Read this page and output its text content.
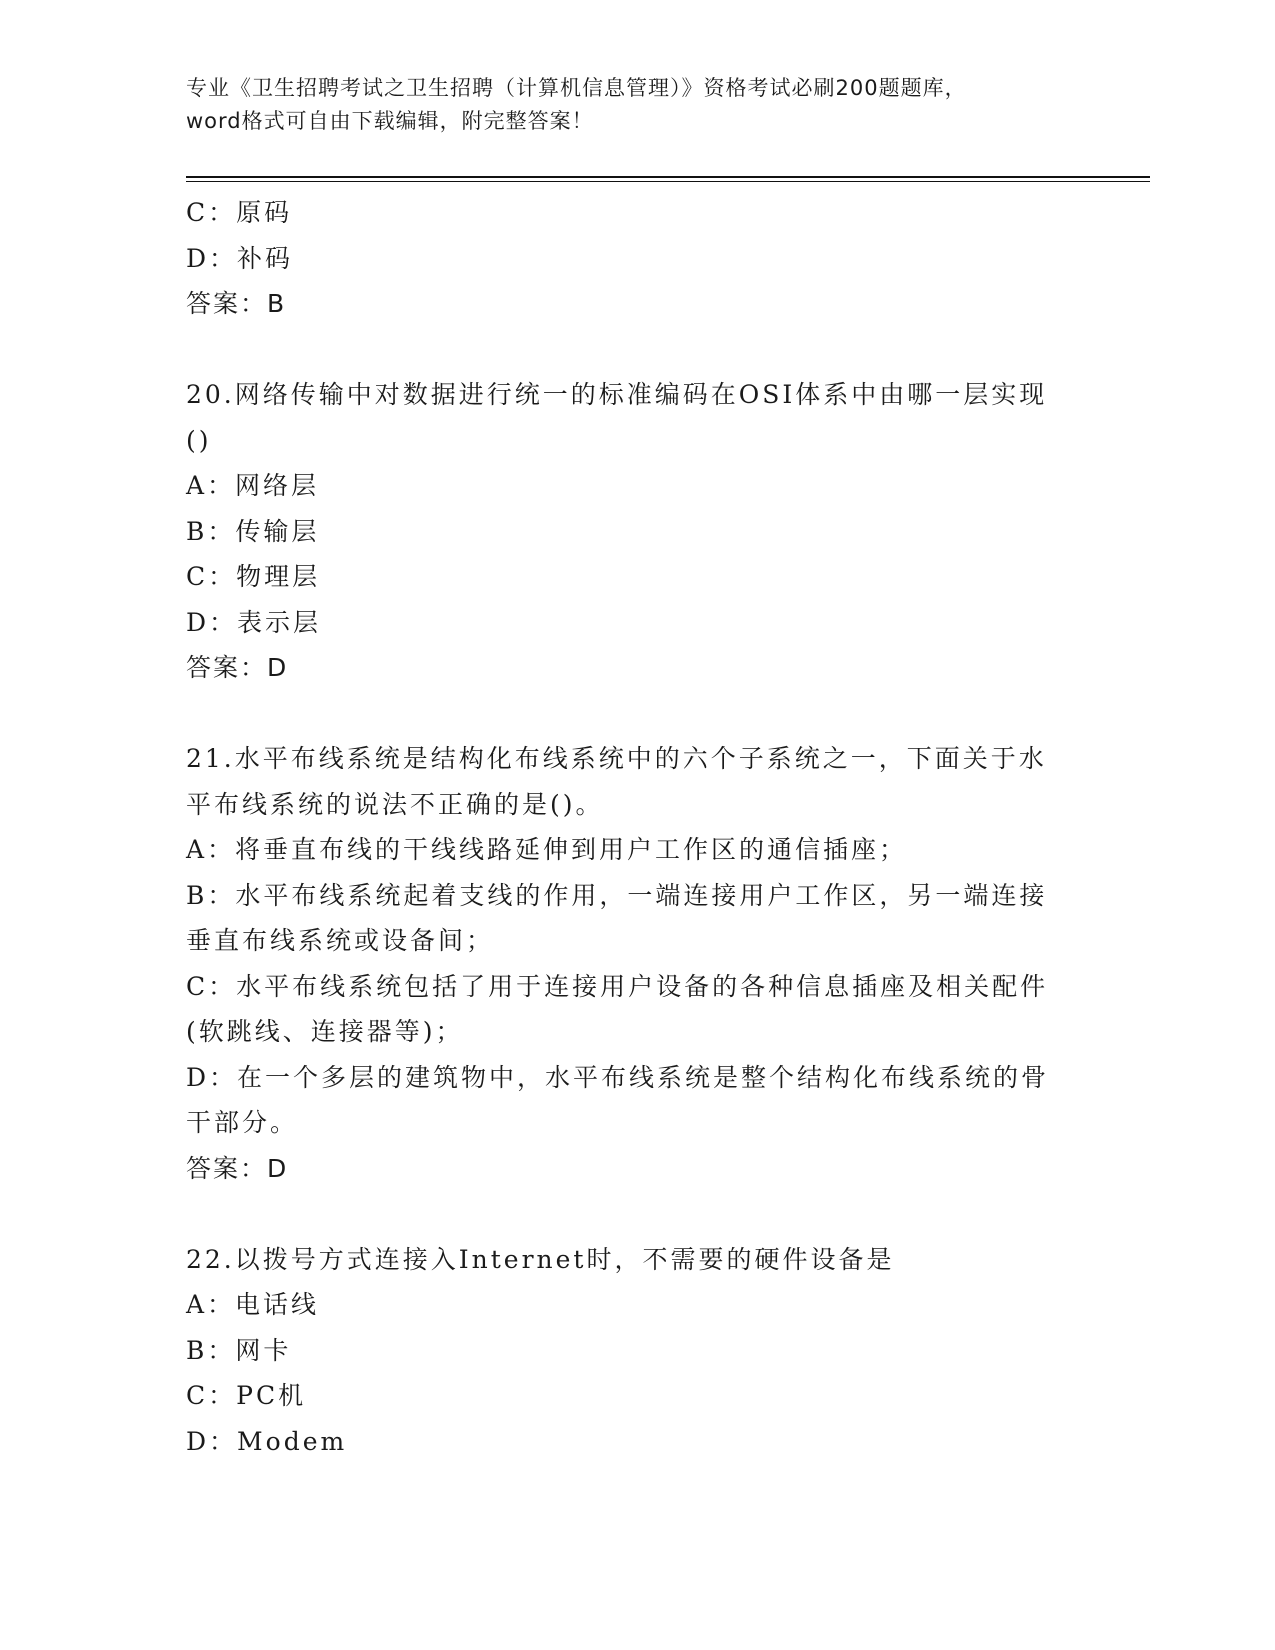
专业《卫生招聘考试之卫生招聘（计算机信息管理）》资格考试必刷200题题库，
word格式可自由下载编辑，附完整答案！
C：原码
D：补码
答案：B
20.网络传输中对数据进行统一的标准编码在OSI体系中由哪一层实现
()
A：网络层
B：传输层
C：物理层
D：表示层
答案：D
21.水平布线系统是结构化布线系统中的六个子系统之一，下面关于水
平布线系统的说法不正确的是()。
A：将垂直布线的干线线路延伸到用户工作区的通信插座；
B：水平布线系统起着支线的作用，一端连接用户工作区，另一端连接
垂直布线系统或设备间；
C：水平布线系统包括了用于连接用户设备的各种信息插座及相关配件
(软跳线、连接器等)；
D：在一个多层的建筑物中，水平布线系统是整个结构化布线系统的骨
干部分。
答案：D
22.以拨号方式连接入Internet时，不需要的硬件设备是
A：电话线
B：网卡
C：PC机
D：Modem
